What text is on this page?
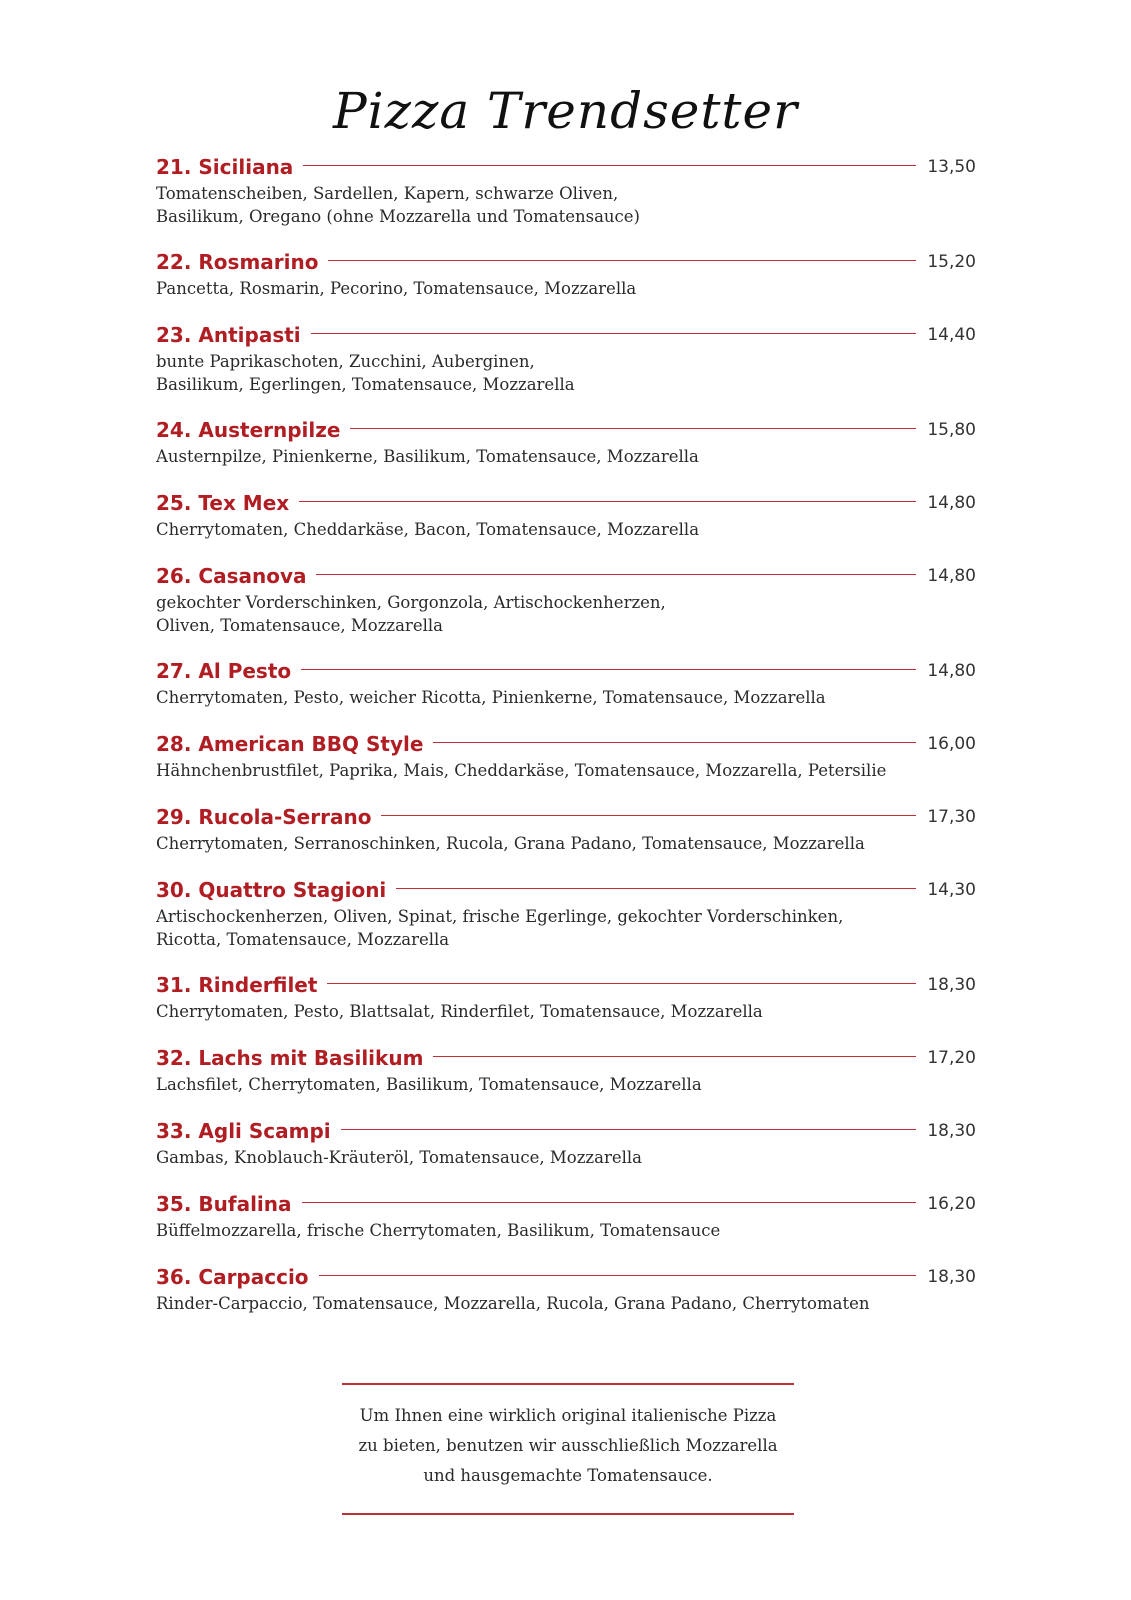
Pizza Trendsetter
21. Siciliana	13,50

Tomatenscheiben, Sardellen, Kapern, schwarze Oliven,

Basilikum, Oregano (ohne Mozzarella und Tomatensauce)

22. Rosmarino	15,20

Pancetta, Rosmarin, Pecorino, Tomatensauce, Mozzarella

23. Antipasti	14,40

bunte Paprikaschoten, Zucchini, Auberginen,

Basilikum, Egerlingen, Tomatensauce, Mozzarella

24. Austernpilze	15,80

Austernpilze, Pinienkerne, Basilikum, Tomatensauce, Mozzarella

25. Tex Mex	14,80

Cherrytomaten, Cheddarkäse, Bacon, Tomatensauce, Mozzarella

26. Casanova	14,80

gekochter Vorderschinken, Gorgonzola, Artischockenherzen,

Oliven, Tomatensauce, Mozzarella

27. Al Pesto	14,80

Cherrytomaten, Pesto, weicher Ricotta, Pinienkerne, Tomatensauce, Mozzarella

28. American BBQ Style	16,00

Hähnchenbrustfilet, Paprika, Mais, Cheddarkäse, Tomatensauce, Mozzarella, Petersilie

29. Rucola-Serrano	17,30

Cherrytomaten, Serranoschinken, Rucola, Grana Padano, Tomatensauce, Mozzarella

30. Quattro Stagioni	14,30

Artischockenherzen, Oliven, Spinat, frische Egerlinge, gekochter Vorderschinken,

Ricotta, Tomatensauce, Mozzarella

31. Rinderfilet	18,30

Cherrytomaten, Pesto, Blattsalat, Rinderfilet, Tomatensauce, Mozzarella

32. Lachs mit Basilikum	17,20

Lachsfilet, Cherrytomaten, Basilikum, Tomatensauce, Mozzarella

33. Agli Scampi	18,30

Gambas, Knoblauch-Kräuteröl, Tomatensauce, Mozzarella

35. Bufalina	16,20

Büffelmozzarella, frische Cherrytomaten, Basilikum, Tomatensauce

36. Carpaccio	18,30

Rinder-Carpaccio, Tomatensauce, Mozzarella, Rucola, Grana Padano, Cherrytomaten

Um Ihnen eine wirklich original italienische Pizza
zu bieten, benutzen wir ausschließlich Mozzarella
und hausgemachte Tomatensauce.
